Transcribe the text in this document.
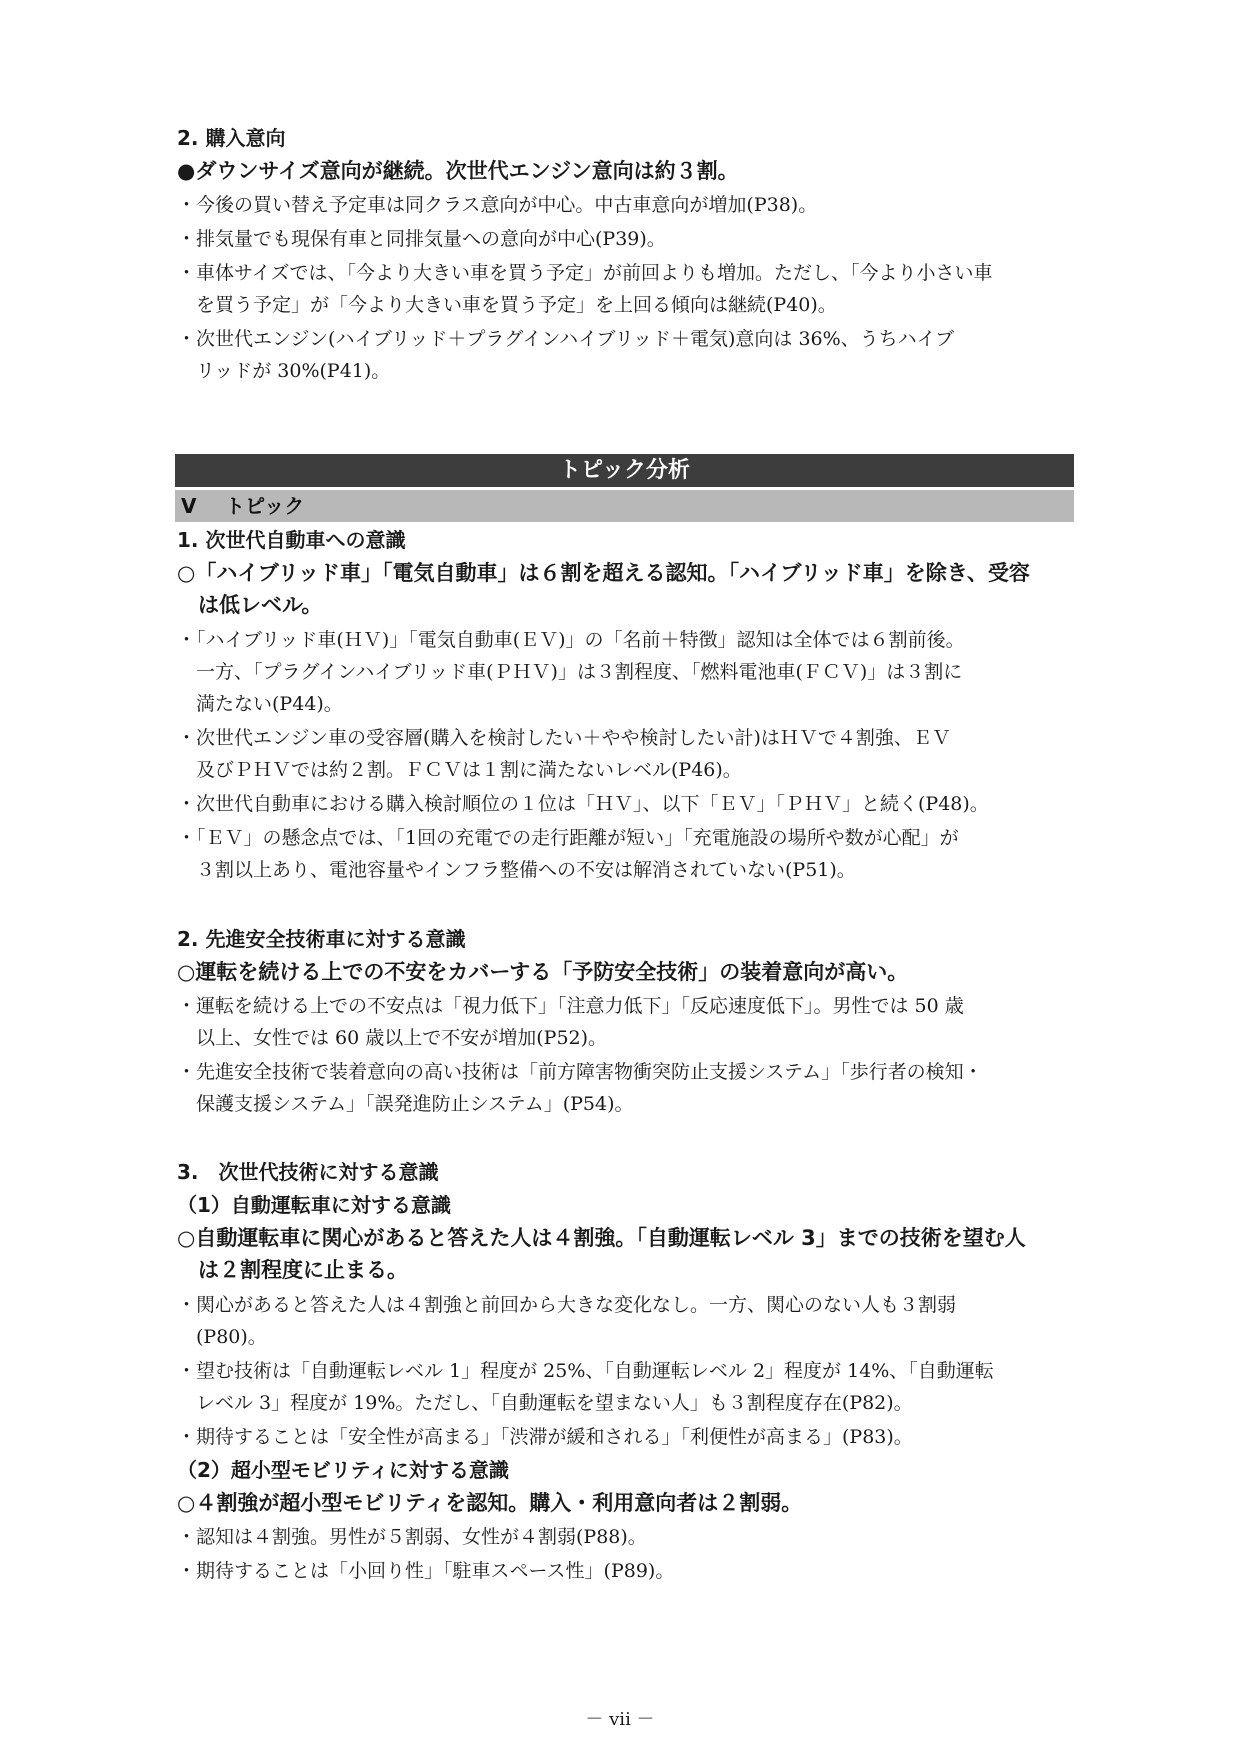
2. 購入意向
●ダウンサイズ意向が継続。次世代エンジン意向は約３割。
・今後の買い替え予定車は同クラス意向が中心。中古車意向が増加(P38)。
・排気量でも現保有車と同排気量への意向が中心(P39)。
・車体サイズでは、「今より大きい車を買う予定」が前回よりも増加。ただし、「今より小さい車
　を買う予定」が「今より大きい車を買う予定」を上回る傾向は継続(P40)。
・次世代エンジン(ハイブリッド＋プラグインハイブリッド＋電気)意向は 36%、うちハイブ
　リッドが 30%(P41)。
トピック分析
Ⅴ トピック
1. 次世代自動車への意識
○「ハイブリッド車」「電気自動車」は６割を超える認知。「ハイブリッド車」を除き、受容
　は低レベル。
・「ハイブリッド車(ＨＶ)」「電気自動車(ＥＶ)」の「名前＋特徴」認知は全体では６割前後。
　一方、「プラグインハイブリッド車(ＰＨＶ)」は３割程度、「燃料電池車(ＦＣＶ)」は３割に
　満たない(P44)。
・次世代エンジン車の受容層(購入を検討したい＋やや検討したい計)はＨＶで４割強、ＥＶ
　及びＰＨＶでは約２割。ＦＣＶは１割に満たないレベル(P46)。
・次世代自動車における購入検討順位の１位は「ＨＶ」、以下「ＥＶ」「ＰＨＶ」と続く(P48)。
・「ＥＶ」の懸念点では、「1回の充電での走行距離が短い」「充電施設の場所や数が心配」が
　３割以上あり、電池容量やインフラ整備への不安は解消されていない(P51)。
2. 先進安全技術車に対する意識
○運転を続ける上での不安をカバーする「予防安全技術」の装着意向が高い。
・運転を続ける上での不安点は「視力低下」「注意力低下」「反応速度低下」。男性では 50 歳
　以上、女性では 60 歳以上で不安が増加(P52)。
・先進安全技術で装着意向の高い技術は「前方障害物衝突防止支援システム」「歩行者の検知・
　保護支援システム」「誤発進防止システム」(P54)。
3.　次世代技術に対する意識
（1）自動運転車に対する意識
○自動運転車に関心があると答えた人は４割強。「自動運転レベル 3」までの技術を望む人
　は２割程度に止まる。
・関心があると答えた人は４割強と前回から大きな変化なし。一方、関心のない人も３割弱
　(P80)。
・望む技術は「自動運転レベル 1」程度が 25%、「自動運転レベル 2」程度が 14%、「自動運転
　レベル 3」程度が 19%。ただし、「自動運転を望まない人」も３割程度存在(P82)。
・期待することは「安全性が高まる」「渋滞が緩和される」「利便性が高まる」(P83)。
（2）超小型モビリティに対する意識
○４割強が超小型モビリティを認知。購入・利用意向者は２割弱。
・認知は４割強。男性が５割弱、女性が４割弱(P88)。
・期待することは「小回り性」「駐車スペース性」(P89)。
－ vii －
